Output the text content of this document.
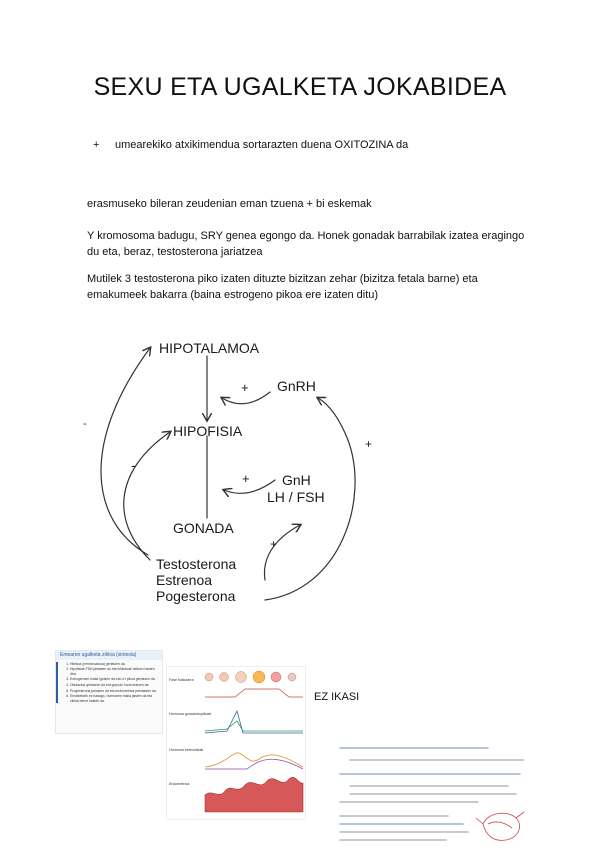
SEXU ETA UGALKETA JOKABIDEA
+ umearekiko atxikimendua sortarazten duena OXITOZINA da
erasmuseko bileran zeudenian eman tzuena + bi eskemak
Y kromosoma badugu, SRY genea egongo da. Honek gonadak barrabilak izatea eragingo du eta, beraz, testosterona jariatzea
Mutilek 3 testosterona piko izaten dituzte bizitzan zehar (bizitza fetala barne) eta emakumeek bakarra (baina estrogeno pikoa ere izaten ditu)
-
HIPOTALAMOA
GnRH
+
HIPOFISIA
GnH
LH / FSH
+
GONADA
Testosterona
Estrenoa
Pogesterona
-
+
+
Emearen ugalketa zikloa (sintesia)
1. Hilekoa (menstruazioa) gertatzen da.
2. Hipofisiak FSH jariatzen du eta folikuluak heltzen hasten dira.
3. Estrogenoen maila igotzen da eta LH pikoa gertatzen da.
4. Obulazioa gertatzen da eta gorputz horia eratzen da.
5. Progesterona jariatzen da eta endometrioa prestatzen da.
6. Ernalketarik ez badago, hormonen maila jaisten da eta zikloa berriz hasten da.
Fase folikularra
Hormona gonadotropikoak
Hormona esteroideak
Endometrioa
EZ IKASI
